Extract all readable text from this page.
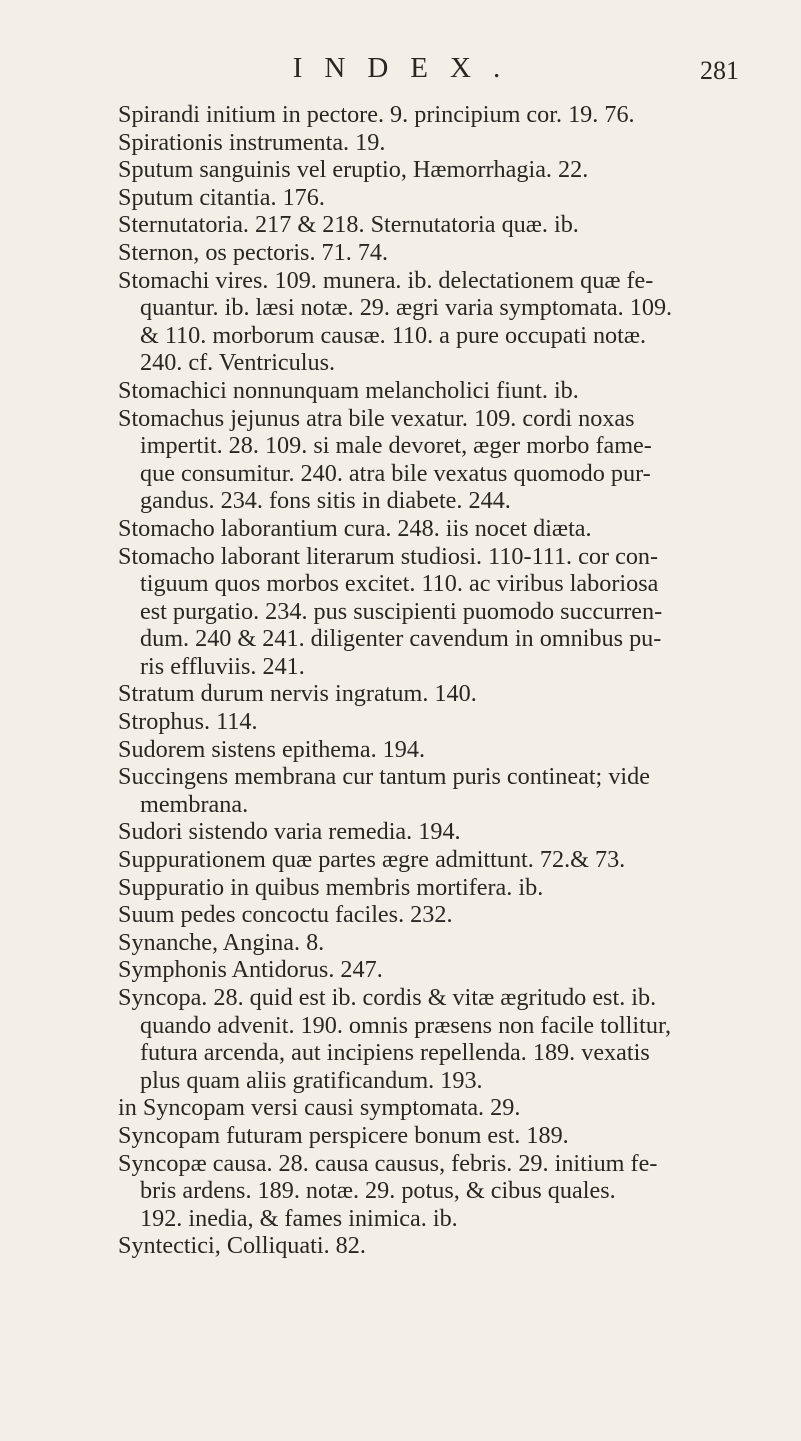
INDEX.	281
Spirandi initium in pectore. 9. principium cor. 19. 76.
Spirationis instrumenta. 19.
Sputum sanguinis vel eruptio, Hæmorrhagia. 22.
Sputum citantia. 176.
Sternutatoria. 217 & 218. Sternutatoria quæ. ib.
Sternon, os pectoris. 71. 74.
Stomachi vires. 109. munera. ib. delectationem quæ fe-
quantur. ib. læsi notæ. 29. ægri varia symptomata. 109.
& 110. morborum causæ. 110. a pure occupati notæ.
240. cf. Ventriculus.
Stomachici nonnunquam melancholici fiunt. ib.
Stomachus jejunus atra bile vexatur. 109. cordi noxas
impertit. 28. 109. si male devoret, æger morbo fame-
que consumitur. 240. atra bile vexatus quomodo pur-
gandus. 234. fons sitis in diabete. 244.
Stomacho laborantium cura. 248. iis nocet diæta.
Stomacho laborant literarum studiosi. 110-111. cor con-
tiguum quos morbos excitet. 110. ac viribus laboriosa
est purgatio. 234. pus suscipienti puomodo succurren-
dum. 240 & 241. diligenter cavendum in omnibus pu-
ris effluviis. 241.
Stratum durum nervis ingratum. 140.
Strophus. 114.
Sudorem sistens epithema. 194.
Succingens membrana cur tantum puris contineat; vide
membrana.
Sudori sistendo varia remedia. 194.
Suppurationem quæ partes ægre admittunt. 72.& 73.
Suppuratio in quibus membris mortifera. ib.
Suum pedes concoctu faciles. 232.
Synanche, Angina. 8.
Symphonis Antidorus. 247.
Syncopa. 28. quid est ib. cordis & vitæ ægritudo est. ib.
quando advenit. 190. omnis præsens non facile tollitur,
futura arcenda, aut incipiens repellenda. 189. vexatis
plus quam aliis gratificandum. 193.
in Syncopam versi causi symptomata. 29.
Syncopam futuram perspicere bonum est. 189.
Syncopæ causa. 28. causa causus, febris. 29. initium fe-
bris ardens. 189. notæ. 29. potus, & cibus quales.
192. inedia, & fames inimica. ib.
Syntectici, Colliquati. 82.
